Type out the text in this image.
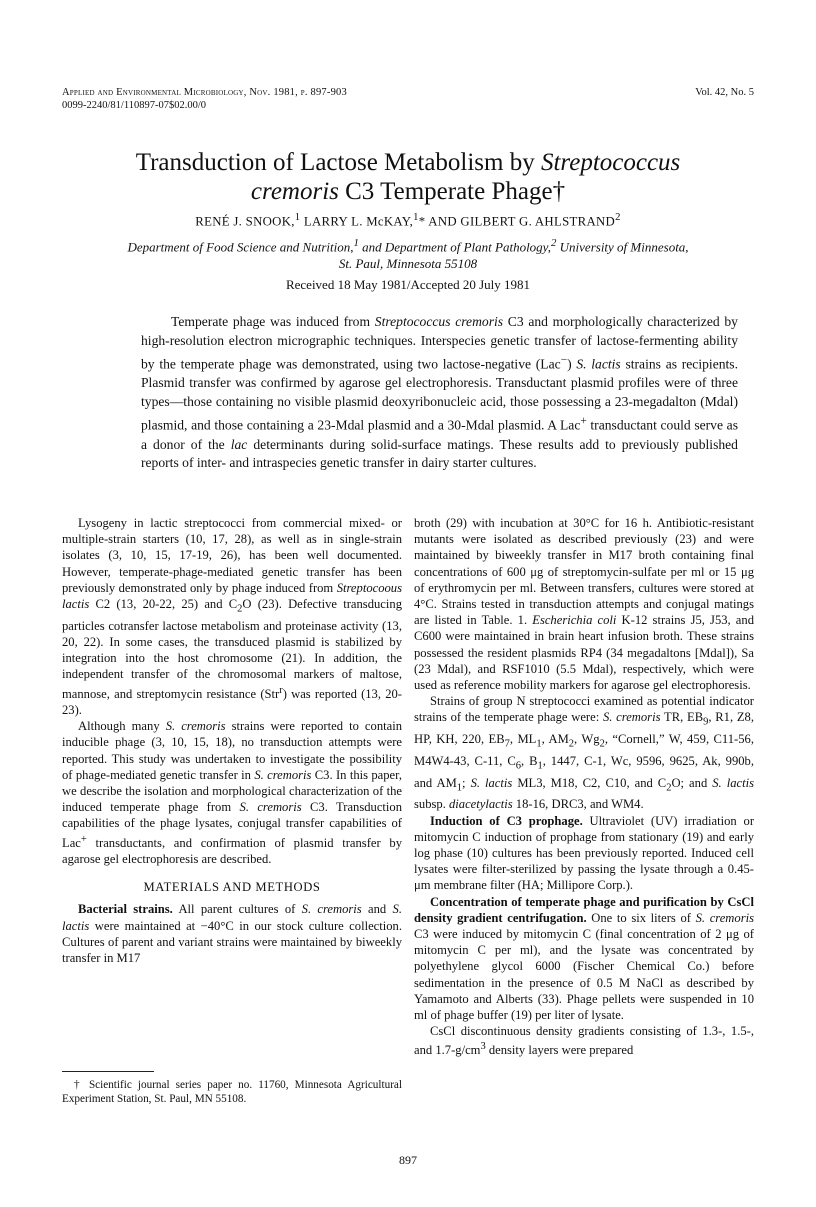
Applied and Environmental Microbiology, Nov. 1981, p. 897-903
0099-2240/81/110897-07$02.00/0
Vol. 42, No. 5
Transduction of Lactose Metabolism by Streptococcus
cremoris C3 Temperate Phage†
RENÉ J. SNOOK,$^1$ LARRY L. McKAY,$^1$* AND GILBERT G. AHLSTRAND$^2$
Department of Food Science and Nutrition,$^1$ and Department of Plant Pathology,$^2$ University of Minnesota,
St. Paul, Minnesota 55108
Received 18 May 1981/Accepted 20 July 1981

Temperate phage was induced from Streptococcus cremoris C3 and morphologically characterized by high-resolution electron micrographic techniques. Interspecies genetic transfer of lactose-fermenting ability by the temperate phage was demonstrated, using two lactose-negative (Lac−) S. lactis strains as recipients. Plasmid transfer was confirmed by agarose gel electrophoresis. Transductant plasmid profiles were of three types—those containing no visible plasmid deoxyribonucleic acid, those possessing a 23-megadalton (Mdal) plasmid, and those containing a 23-Mdal plasmid and a 30-Mdal plasmid. A Lac+ transductant could serve as a donor of the lac determinants during solid-surface matings. These results add to previously published reports of inter- and intraspecies genetic transfer in dairy starter cultures.

Lysogeny in lactic streptococci from commercial mixed- or multiple-strain starters (10, 17, 28), as well as in single-strain isolates (3, 10, 15, 17-19, 26), has been well documented. However, temperate-phage-mediated genetic transfer has been previously demonstrated only by phage induced from Streptocoous lactis C2 (13, 20-22, 25) and $C_2O$ (23). Defective transducing particles cotransfer lactose metabolism and proteinase activity (13, 20, 22). In some cases, the transduced plasmid is stabilized by integration into the host chromosome (21). In addition, the independent transfer of the chromosomal markers of maltose, mannose, and streptomycin resistance (Str$^r$) was reported (13, 20-23).

Although many S. cremoris strains were reported to contain inducible phage (3, 10, 15, 18), no transduction attempts were reported. This study was undertaken to investigate the possibility of phage-mediated genetic transfer in S. cremoris C3. In this paper, we describe the isolation and morphological characterization of the induced temperate phage from S. cremoris C3. Transduction capabilities of the phage lysates, conjugal transfer capabilities of Lac+ transductants, and confirmation of plasmid transfer by agarose gel electrophoresis are described.

MATERIALS AND METHODS

Bacterial strains. All parent cultures of S. cremoris and S. lactis were maintained at −40°C in our stock culture collection. Cultures of parent and variant strains were maintained by biweekly transfer in M17

† Scientific journal series paper no. 11760, Minnesota Agricultural Experiment Station, St. Paul, MN 55108.

broth (29) with incubation at 30°C for 16 h. Antibiotic-resistant mutants were isolated as described previously (23) and were maintained by biweekly transfer in M17 broth containing final concentrations of 600 μg of streptomycin-sulfate per ml or 15 μg of erythromycin per ml. Between transfers, cultures were stored at 4°C. Strains tested in transduction attempts and conjugal matings are listed in Table. 1. Escherichia coli K-12 strains J5, J53, and C600 were maintained in brain heart infusion broth. These strains possessed the resident plasmids RP4 (34 megadaltons [Mdal]), Sa (23 Mdal), and RSF1010 (5.5 Mdal), respectively, which were used as reference mobility markers for agarose gel electrophoresis.

Strains of group N streptococci examined as potential indicator strains of the temperate phage were: S. cremoris TR, $EB_9$, R1, Z8, HP, KH, 220, $EB_7$, $ML_1$, $AM_2$, $Wg_2$, “Cornell,” W, 459, C11-56, M4W4-43, C-11, $C_6$, $B_1$, 1447, C-1, Wc, 9596, 9625, Ak, 990b, and $AM_1$; S. lactis ML3, M18, C2, C10, and $C_2O$; and S. lactis subsp. diacetylactis 18-16, DRC3, and WM4.

Induction of C3 prophage. Ultraviolet (UV) irradiation or mitomycin C induction of prophage from stationary (19) and early log phase (10) cultures has been previously reported. Induced cell lysates were filter-sterilized by passing the lysate through a 0.45-μm membrane filter (HA; Millipore Corp.).

Concentration of temperate phage and purification by CsCl density gradient centrifugation. One to six liters of S. cremoris C3 were induced by mitomycin C (final concentration of 2 μg of mitomycin C per ml), and the lysate was concentrated by polyethylene glycol 6000 (Fischer Chemical Co.) before sedimentation in the presence of 0.5 M NaCl as described by Yamamoto and Alberts (33). Phage pellets were suspended in 10 ml of phage buffer (19) per liter of lysate.

CsCl discontinuous density gradients consisting of 1.3-, 1.5-, and $1.7-g/cm^3$ density layers were prepared

897
